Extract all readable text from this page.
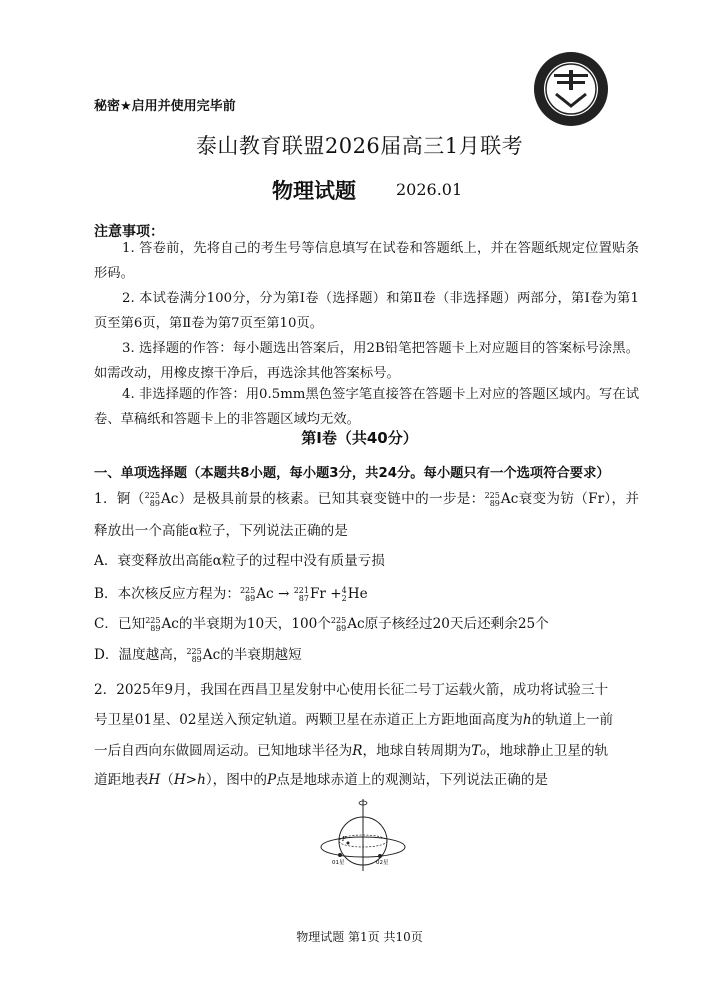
秘密★启用并使用完毕前
泰山教育联盟2026届高三1月联考
物理试题	2026.01
注意事项：
1. 答卷前，先将自己的考生号等信息填写在试卷和答题纸上，并在答题纸规定位置贴条形码。
2. 本试卷满分100分，分为第Ⅰ卷（选择题）和第Ⅱ卷（非选择题）两部分，第Ⅰ卷为第1页至第6页，第Ⅱ卷为第7页至第10页。
3. 选择题的作答：每小题选出答案后，用2B铅笔把答题卡上对应题目的答案标号涂黑。如需改动，用橡皮擦干净后，再选涂其他答案标号。
4. 非选择题的作答：用0.5mm黑色签字笔直接答在答题卡上对应的答题区域内。写在试卷、草稿纸和答题卡上的非答题区域均无效。
第Ⅰ卷（共40分）
一、单项选择题（本题共8小题，每小题3分，共24分。每小题只有一个选项符合要求）
1．锕（ 225
89 Ac）是极具前景的核素。已知其衰变链中的一步是： 225
89 Ac衰变为钫（Fr），并释放出一个高能α粒子，下列说法正确的是
A．衰变释放出高能α粒子的过程中没有质量亏损
B．本次核反应方程为： 225
89 Ac → 221
87 Fr + 4
2 He
C．已知 225
89 Ac的半衰期为10天，100个 225
89 Ac原子核经过20天后还剩余25个
D．温度越高， 225
89 Ac的半衰期越短
2．2025年9月，我国在西昌卫星发射中心使用长征二号丁运载火箭，成功将试验三十
号卫星01星、02星送入预定轨道。两颗卫星在赤道正上方距地面高度为h的轨道上一前
一后自西向东做圆周运动。已知地球半径为R，地球自转周期为T₀，地球静止卫星的轨
道距地表H（H>h），图中的P点是地球赤道上的观测站，下列说法正确的是
P
01星	02星
物理试题 第1页 共10页
